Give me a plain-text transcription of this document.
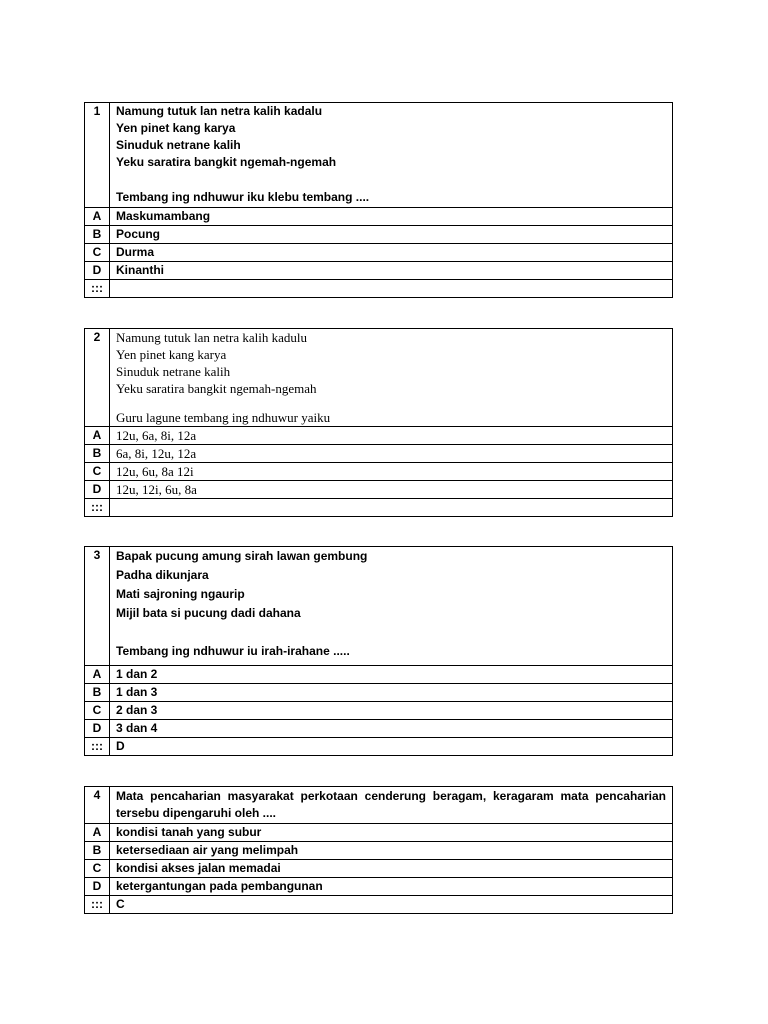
1	Namung tutuk lan netra kalih kadalu
Yen pinet kang karya
Sinuduk netrane kalih
Yeku saratira bangkit ngemah-ngemah
Tembang ing ndhuwur iku klebu tembang ....

A	Maskumambang
B	Pocung
C	Durma
D	Kinanthi
:::	
2	Namung tutuk lan netra kalih kadulu
Yen pinet kang karya
Sinuduk netrane kalih
Yeku saratira bangkit ngemah-ngemah
Guru lagune tembang ing ndhuwur yaiku

A	12u, 6a, 8i, 12a
B	6a, 8i, 12u, 12a
C	12u, 6u, 8a 12i
D	12u, 12i, 6u, 8a
:::	
3	Bapak pucung amung sirah lawan gembung
Padha dikunjara
Mati sajroning ngaurip
Mijil bata si pucung dadi dahana
Tembang ing ndhuwur iu irah-irahane .....

A	1 dan 2
B	1 dan 3
C	2 dan 3
D	3 dan 4
:::	D
4	Mata pencaharian masyarakat perkotaan cenderung beragam, keragaram mata pencaharian tersebu dipengaruhi oleh ....
A	kondisi tanah yang subur
B	ketersediaan air yang melimpah
C	kondisi akses jalan memadai
D	ketergantungan pada pembangunan
:::	C
